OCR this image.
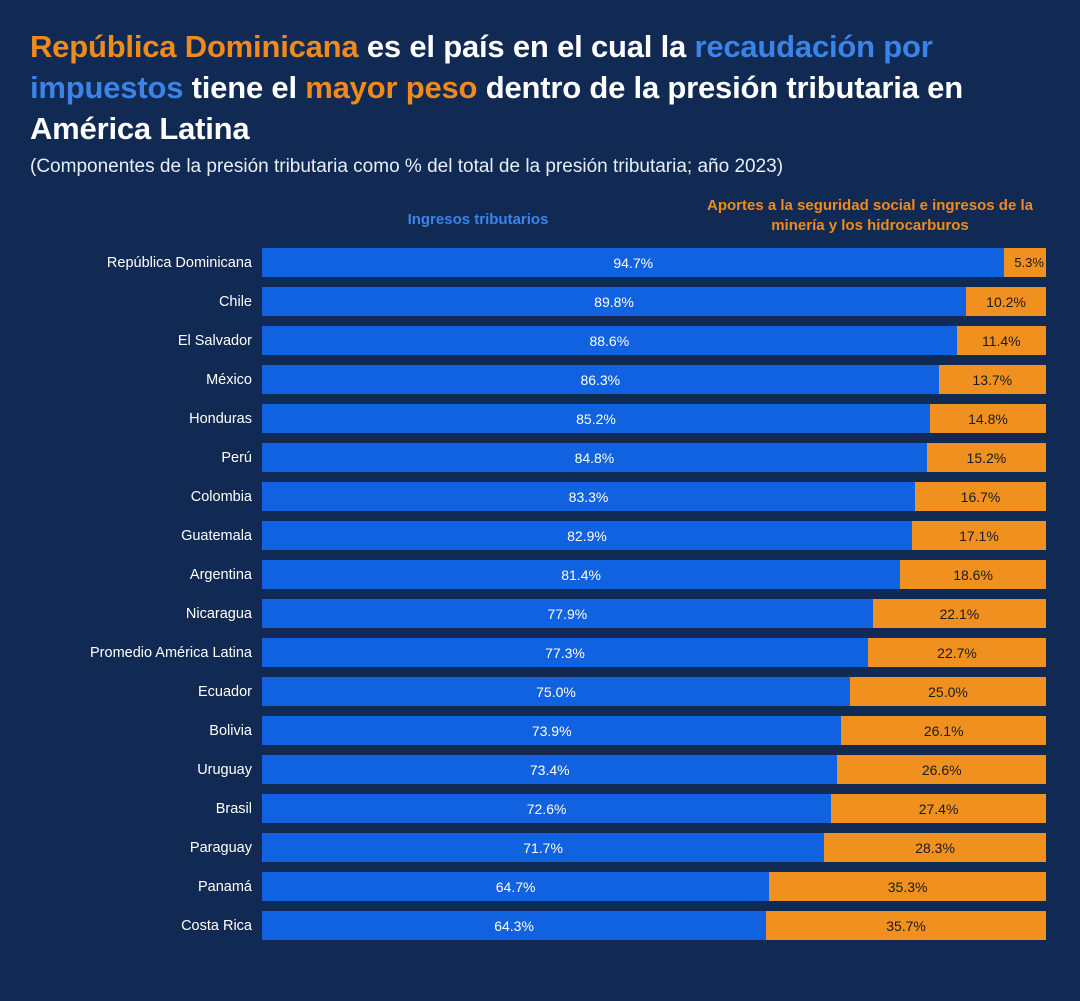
República Dominicana es el país en el cual la recaudación por impuestos tiene el mayor peso dentro de la presión tributaria en América Latina
(Componentes de la presión tributaria como % del total de la presión tributaria; año 2023)
Ingresos tributarios
Aportes a la seguridad social e ingresos de la minería y los hidrocarburos
República Dominicana	94.7%	5.3%
Chile	89.8%	10.2%
El Salvador	88.6%	11.4%
México	86.3%	13.7%
Honduras	85.2%	14.8%
Perú	84.8%	15.2%
Colombia	83.3%	16.7%
Guatemala	82.9%	17.1%
Argentina	81.4%	18.6%
Nicaragua	77.9%	22.1%
Promedio América Latina	77.3%	22.7%
Ecuador	75.0%	25.0%
Bolivia	73.9%	26.1%
Uruguay	73.4%	26.6%
Brasil	72.6%	27.4%
Paraguay	71.7%	28.3%
Panamá	64.7%	35.3%
Costa Rica	64.3%	35.7%
